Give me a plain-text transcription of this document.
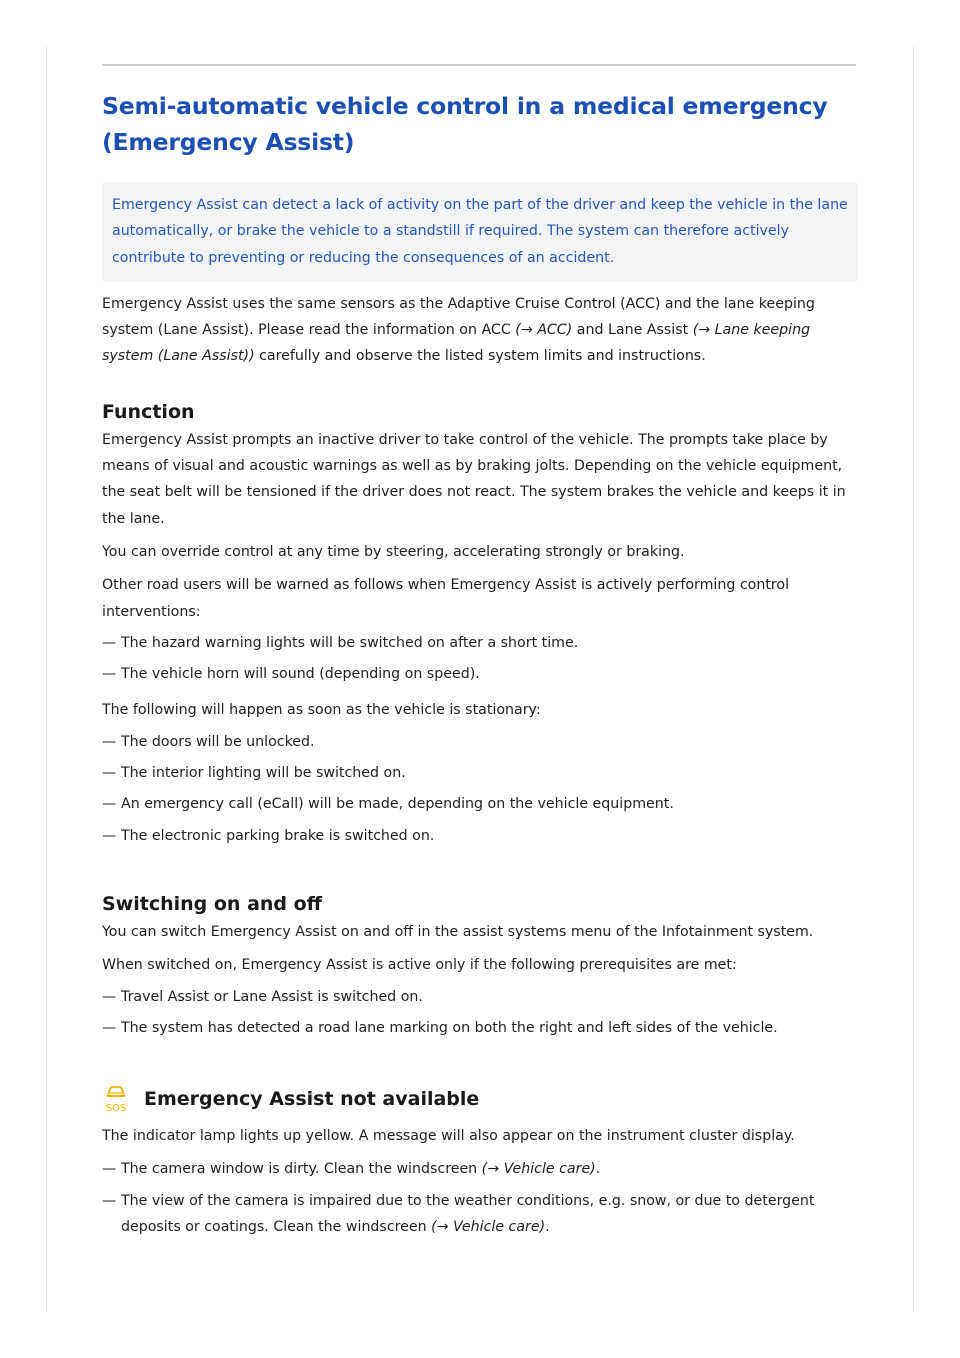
Semi-automatic vehicle control in a medical emergency
(Emergency Assist)
Emergency Assist can detect a lack of activity on the part of the driver and keep the vehicle in the lane automatically, or brake the vehicle to a standstill if required. The system can therefore actively contribute to preventing or reducing the consequences of an accident.

Emergency Assist uses the same sensors as the Adaptive Cruise Control (ACC) and the lane keeping system (Lane Assist). Please read the information on ACC (→ ACC) and Lane Assist (→ Lane keeping system (Lane Assist)) carefully and observe the listed system limits and instructions.

Function

Emergency Assist prompts an inactive driver to take control of the vehicle. The prompts take place by means of visual and acoustic warnings as well as by braking jolts. Depending on the vehicle equipment, the seat belt will be tensioned if the driver does not react. The system brakes the vehicle and keeps it in the lane.

You can override control at any time by steering, accelerating strongly or braking.

Other road users will be warned as follows when Emergency Assist is actively performing control interventions:

— The hazard warning lights will be switched on after a short time.

— The vehicle horn will sound (depending on speed).

The following will happen as soon as the vehicle is stationary:

— The doors will be unlocked.

— The interior lighting will be switched on.

— An emergency call (eCall) will be made, depending on the vehicle equipment.

— The electronic parking brake is switched on.

Switching on and off

You can switch Emergency Assist on and off in the assist systems menu of the Infotainment system.

When switched on, Emergency Assist is active only if the following prerequisites are met:

— Travel Assist or Lane Assist is switched on.

— The system has detected a road lane marking on both the right and left sides of the vehicle.

SOS Emergency Assist not available

The indicator lamp lights up yellow. A message will also appear on the instrument cluster display.

— The camera window is dirty. Clean the windscreen (→ Vehicle care).

— The view of the camera is impaired due to the weather conditions, e.g. snow, or due to detergent deposits or coatings. Clean the windscreen (→ Vehicle care).
